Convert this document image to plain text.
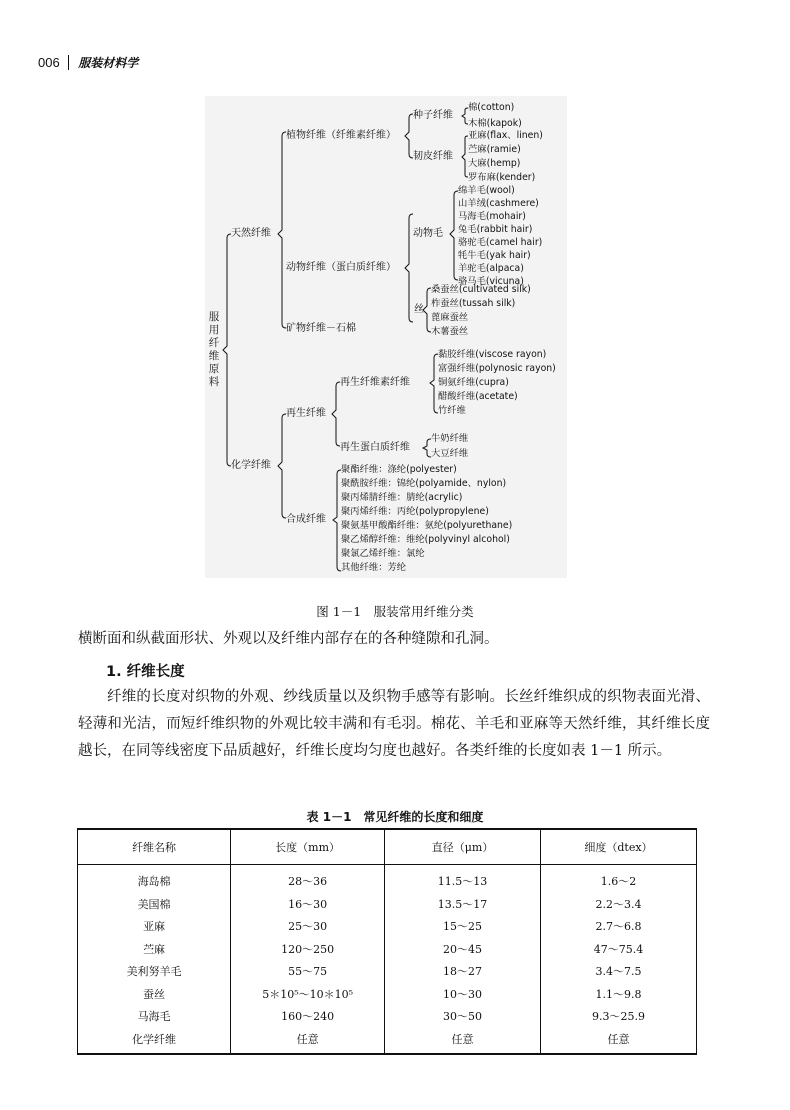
006 服装材料学
服用纤维原料
天然纤维
植物纤维（纤维素纤维）
种子纤维
棉(cotton)
木棉(kapok)
韧皮纤维
亚麻(flax、linen)
苎麻(ramie)
大麻(hemp)
罗布麻(kender)
动物纤维（蛋白质纤维）
动物毛
绵羊毛(wool)
山羊绒(cashmere)
马海毛(mohair)
兔毛(rabbit hair)
骆驼毛(camel hair)
牦牛毛(yak hair)
羊驼毛(alpaca)
骆马毛(vicuna)
丝
桑蚕丝(cultivated silk)
柞蚕丝(tussah silk)
蓖麻蚕丝
木薯蚕丝
矿物纤维－石棉
化学纤维
再生纤维
再生纤维素纤维
黏胶纤维(viscose rayon)
富强纤维(polynosic rayon)
铜氨纤维(cupra)
醋酸纤维(acetate)
竹纤维
再生蛋白质纤维
牛奶纤维
大豆纤维
合成纤维
聚酯纤维：涤纶(polyester)
聚酰胺纤维：锦纶(polyamide、nylon)
聚丙烯腈纤维：腈纶(acrylic)
聚丙烯纤维：丙纶(polypropylene)
聚氨基甲酸酯纤维：氨纶(polyurethane)
聚乙烯醇纤维：维纶(polyvinyl alcohol)
聚氯乙烯纤维：氯纶
其他纤维：芳纶
图 1－1　服装常用纤维分类
横断面和纵截面形状、外观以及纤维内部存在的各种缝隙和孔洞。
1. 纤维长度
纤维的长度对织物的外观、纱线质量以及织物手感等有影响。长丝纤维织成的织物表面光滑、轻薄和光洁，而短纤维织物的外观比较丰满和有毛羽。棉花、羊毛和亚麻等天然纤维，其纤维长度越长，在同等线密度下品质越好，纤维长度均匀度也越好。各类纤维的长度如表 1－1 所示。
表 1－1　常见纤维的长度和细度
纤维名称	长度（mm）	直径（μm）	细度（dtex）
海岛棉	28～36	11.5～13	1.6～2
美国棉	16～30	13.5～17	2.2～3.4
亚麻	25～30	15～25	2.7～6.8
苎麻	120～250	20～45	47～75.4
美利努羊毛	55～75	18～27	3.4～7.5
蚕丝	5＊10⁵～10＊10⁵	10～30	1.1～9.8
马海毛	160～240	30～50	9.3～25.9
化学纤维	任意	任意	任意
